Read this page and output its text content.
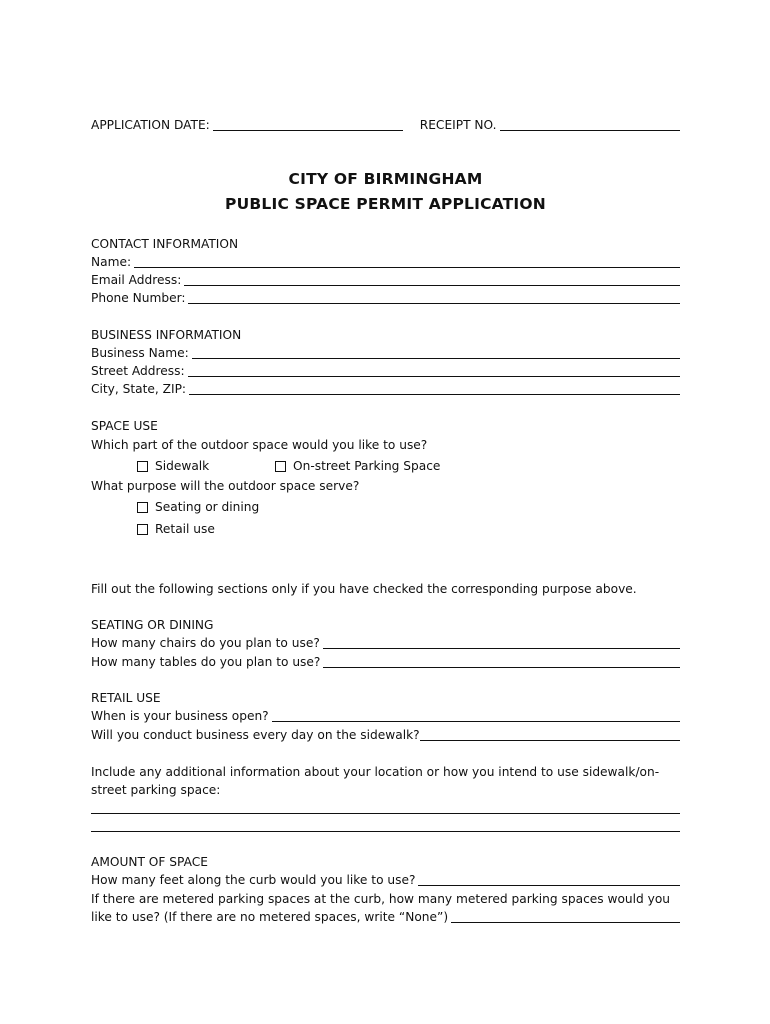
APPLICATION DATE:	RECEIPT NO.
CITY OF BIRMINGHAM
PUBLIC SPACE PERMIT APPLICATION
CONTACT INFORMATION
Name:
Email Address:
Phone Number:
BUSINESS INFORMATION
Business Name:
Street Address:
City, State, ZIP:
SPACE USE
Which part of the outdoor space would you like to use?
Sidewalk	On-street Parking Space
What purpose will the outdoor space serve?
Seating or dining
Retail use
Fill out the following sections only if you have checked the corresponding purpose above.
SEATING OR DINING
How many chairs do you plan to use?
How many tables do you plan to use?
RETAIL USE
When is your business open?
Will you conduct business every day on the sidewalk?
Include any additional information about your location or how you intend to use sidewalk/on-
street parking space:
AMOUNT OF SPACE
How many feet along the curb would you like to use?
If there are metered parking spaces at the curb, how many metered parking spaces would you
like to use? (If there are no metered spaces, write “None”)
